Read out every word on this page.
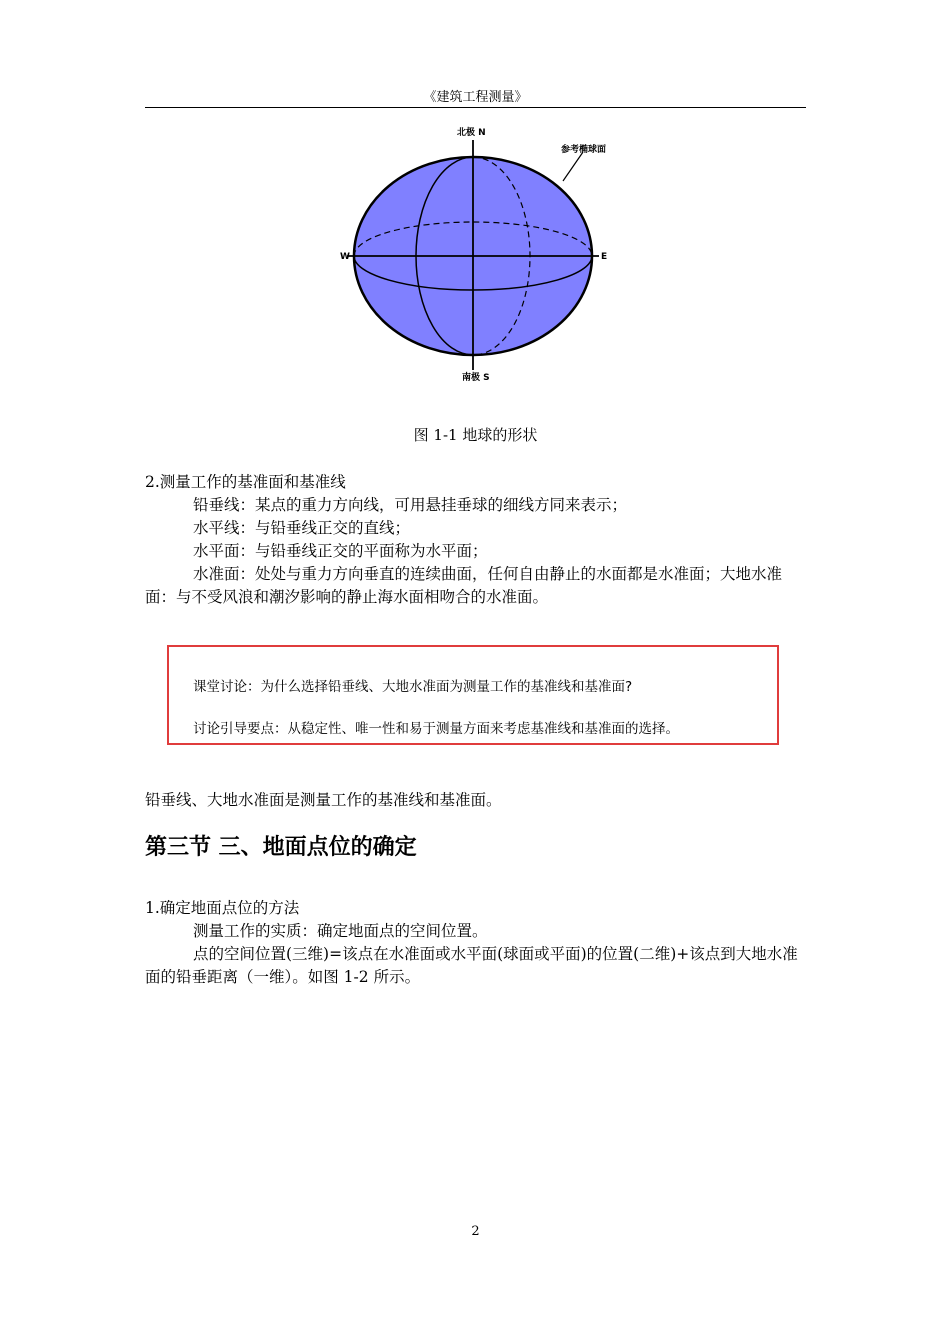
《建筑工程测量》
北极 N
南极 S
W	E
参考椭球面
图 1-1 地球的形状

2.测量工作的基准面和基准线

铅垂线：某点的重力方向线，可用悬挂垂球的细线方同来表示；

水平线：与铅垂线正交的直线；

水平面：与铅垂线正交的平面称为水平面；

水准面：处处与重力方向垂直的连续曲面，任何自由静止的水面都是水准面；大地水准面：与不受风浪和潮汐影响的静止海水面相吻合的水准面。

课堂讨论：为什么选择铅垂线、大地水准面为测量工作的基准线和基准面?
讨论引导要点：从稳定性、唯一性和易于测量方面来考虑基准线和基准面的选择。
铅垂线、大地水准面是测量工作的基准线和基准面。
第三节 三、地面点位的确定

1.确定地面点位的方法

测量工作的实质：确定地面点的空间位置。

点的空间位置(三维)=该点在水准面或水平面(球面或平面)的位置(二维)+该点到大地水准面的铅垂距离（一维）。如图 1-2 所示。

2
